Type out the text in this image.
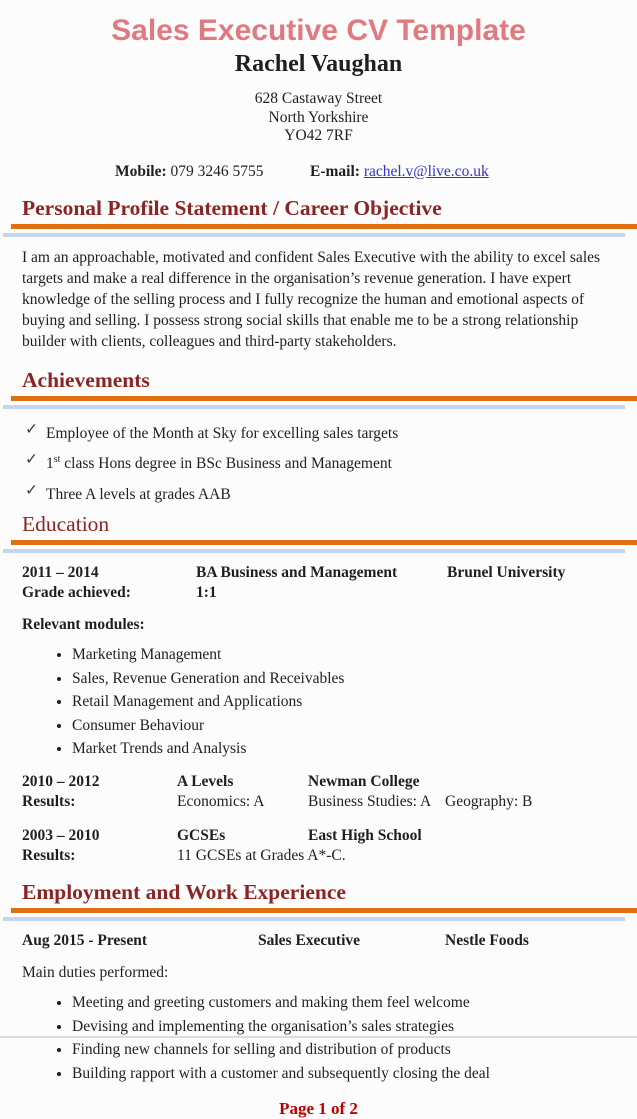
Sales Executive CV Template
Rachel Vaughan
628 Castaway Street
North Yorkshire
YO42 7RF
Mobile: 079 3246 5755	E-mail: rachel.v@live.co.uk
Personal Profile Statement / Career Objective

I am an approachable, motivated and confident Sales Executive with the ability to excel sales targets and make a real difference in the organisation’s revenue generation. I have expert knowledge of the selling process and I fully recognize the human and emotional aspects of buying and selling. I possess strong social skills that enable me to be a strong relationship builder with clients, colleagues and third-party stakeholders.

Achievements
✓ Employee of the Month at Sky for excelling sales targets
✓ 1st class Hons degree in BSc Business and Management
✓ Three A levels at grades AAB
Education
2011 – 2014	BA Business and Management	Brunel University
Grade achieved:	1:1
Relevant modules:
• Marketing Management
• Sales, Revenue Generation and Receivables
• Retail Management and Applications
• Consumer Behaviour
• Market Trends and Analysis
2010 – 2012	A Levels	Newman College
Results:	Economics: A	Business Studies: A Geography: B
2003 – 2010	GCSEs	East High School
Results:	11 GCSEs at Grades A*-C.
Employment and Work Experience
Aug 2015 - Present	Sales Executive	Nestle Foods
Main duties performed:
• Meeting and greeting customers and making them feel welcome
• Devising and implementing the organisation’s sales strategies
• Finding new channels for selling and distribution of products
• Building rapport with a customer and subsequently closing the deal
Page 1 of 2
